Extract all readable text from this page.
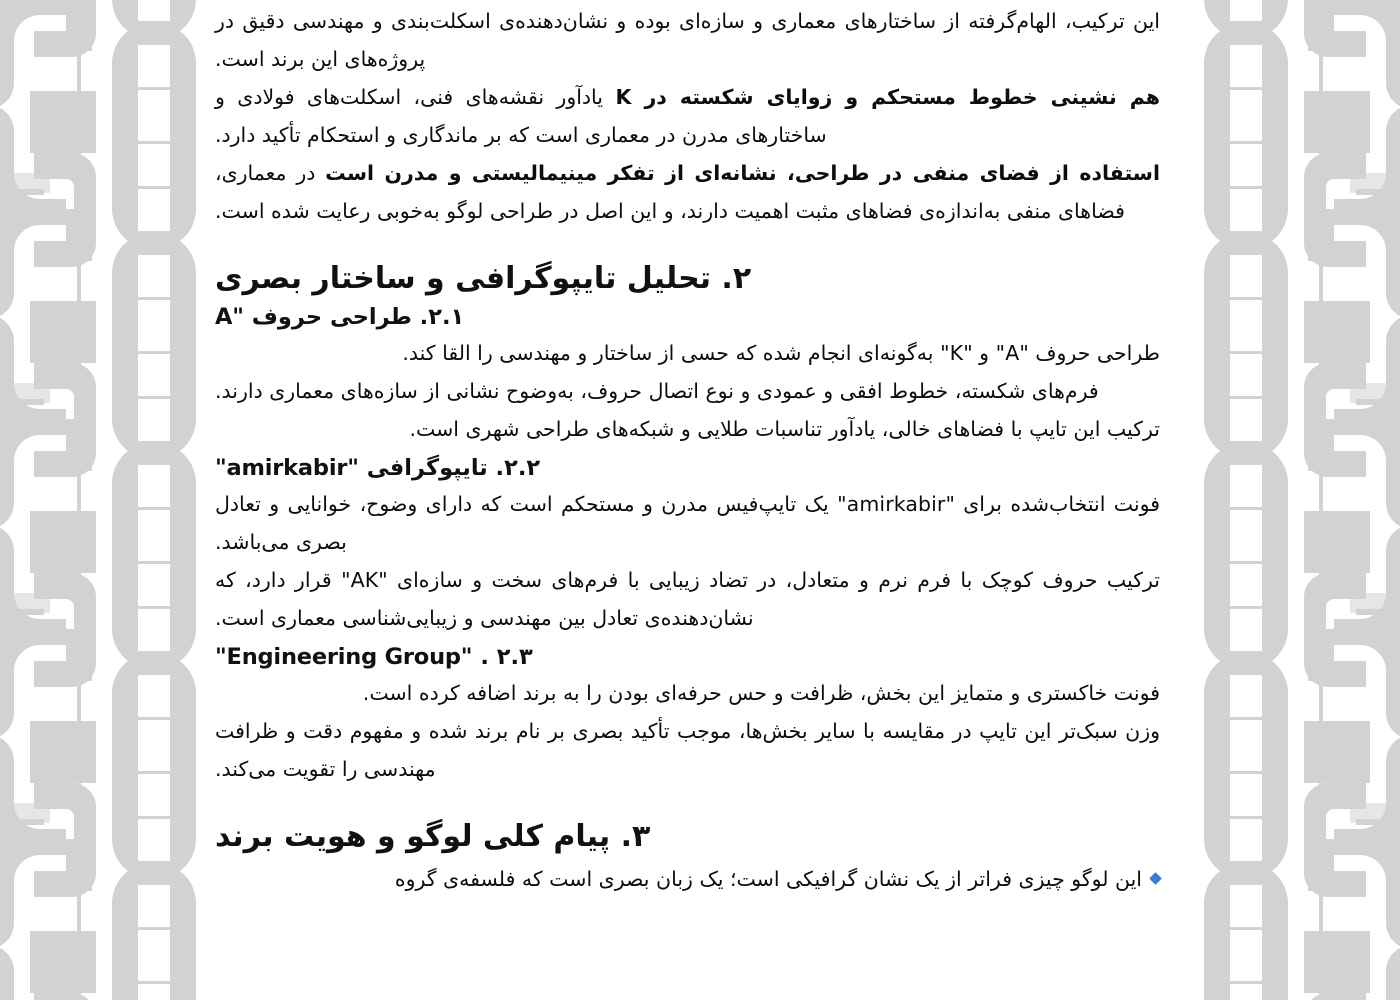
این ترکیب، الهام‌گرفته از ساختارهای معماری و سازه‌ای بوده و نشان‌دهنده‌ی اسکلت‌بندی و مهندسی دقیق در پروژه‌های این برند است.

هم نشینی خطوط مستحکم و زوایای شکسته در K یادآور نقشه‌های فنی، اسکلت‌های فولادی و ساختارهای مدرن در معماری است که بر ماندگاری و استحکام تأکید دارد.

استفاده از فضای منفی در طراحی، نشانه‌ای از تفکر مینیمالیستی و مدرن است در معماری، فضاهای منفی به‌اندازه‌ی فضاهای مثبت اهمیت دارند، و این اصل در طراحی لوگو به‌خوبی رعایت شده است.

۲. تحلیل تایپوگرافی و ساختار بصری
۲.۱. طراحی حروف "A

طراحی حروف "A" و "K" به‌گونه‌ای انجام شده که حسی از ساختار و مهندسی را القا کند.

فرم‌های شکسته، خطوط افقی و عمودی و نوع اتصال حروف، به‌وضوح نشانی از سازه‌های معماری دارند.

ترکیب این تایپ با فضاهای خالی، یادآور تناسبات طلایی و شبکه‌های طراحی شهری است.

۲.۲. تایپوگرافی "amirkabir"

فونت انتخاب‌شده برای "amirkabir" یک تایپ‌فیس مدرن و مستحکم است که دارای وضوح، خوانایی و تعادل بصری می‌باشد.

ترکیب حروف کوچک با فرم نرم و متعادل، در تضاد زیبایی با فرم‌های سخت و سازه‌ای "AK" قرار دارد، که نشان‌دهنده‌ی تعادل بین مهندسی و زیبایی‌شناسی معماری است.

۲.۳ . "Engineering Group"

فونت خاکستری و متمایز این بخش، ظرافت و حس حرفه‌ای بودن را به برند اضافه کرده است.

وزن سبک‌تر این تایپ در مقایسه با سایر بخش‌ها، موجب تأکید بصری بر نام برند شده و مفهوم دقت و ظرافت مهندسی را تقویت می‌کند.

۳. پیام کلی لوگو و هویت برند
این لوگو چیزی فراتر از یک نشان گرافیکی است؛ یک زبان بصری است که فلسفه‌ی گروه
